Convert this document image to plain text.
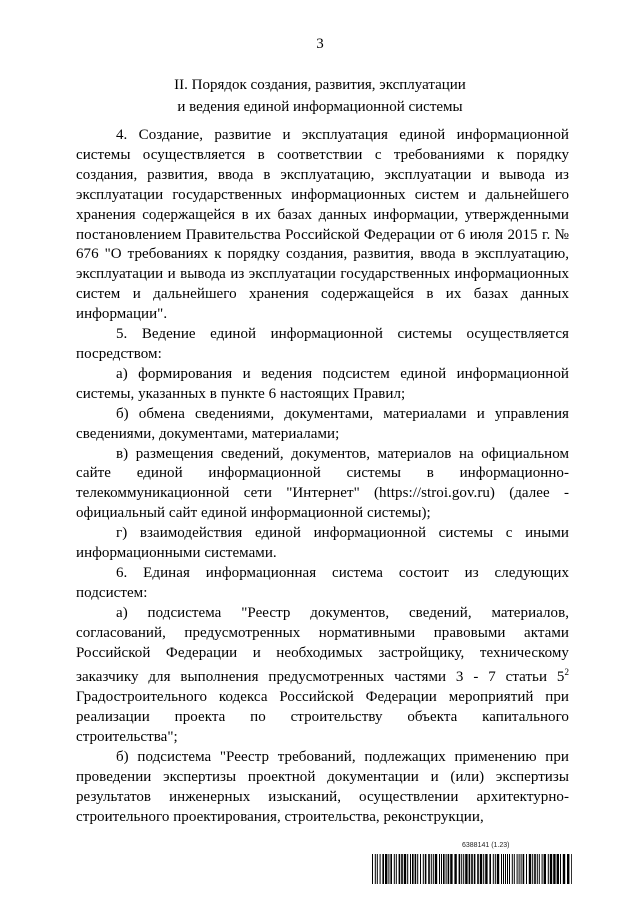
3
II. Порядок создания, развития, эксплуатации
и ведения единой информационной системы

4. Создание, развитие и эксплуатация единой информационной системы осуществляется в соответствии с требованиями к порядку создания, развития, ввода в эксплуатацию, эксплуатации и вывода из эксплуатации государственных информационных систем и дальнейшего хранения содержащейся в их базах данных информации, утвержденными постановлением Правительства Российской Федерации от 6 июля 2015 г. № 676 "О требованиях к порядку создания, развития, ввода в эксплуатацию, эксплуатации и вывода из эксплуатации государственных информационных систем и дальнейшего хранения содержащейся в их базах данных информации".

5. Ведение единой информационной системы осуществляется посредством:

а) формирования и ведения подсистем единой информационной системы, указанных в пункте 6 настоящих Правил;

б) обмена сведениями, документами, материалами и управления сведениями, документами, материалами;

в) размещения сведений, документов, материалов на официальном сайте единой информационной системы в информационно-телекоммуникационной сети "Интернет" (https://stroi.gov.ru) (далее - официальный сайт единой информационной системы);

г) взаимодействия единой информационной системы с иными информационными системами.

6. Единая информационная система состоит из следующих подсистем:

а) подсистема "Реестр документов, сведений, материалов, согласований, предусмотренных нормативными правовыми актами Российской Федерации и необходимых застройщику, техническому заказчику для выполнения предусмотренных частями 3 - 7 статьи $5^2$ Градостроительного кодекса Российской Федерации мероприятий при реализации проекта по строительству объекта капитального строительства";

б) подсистема "Реестр требований, подлежащих применению при проведении экспертизы проектной документации и (или) экспертизы результатов инженерных изысканий, осуществлении архитектурно-строительного проектирования, строительства, реконструкции,

6388141 (1.23)
